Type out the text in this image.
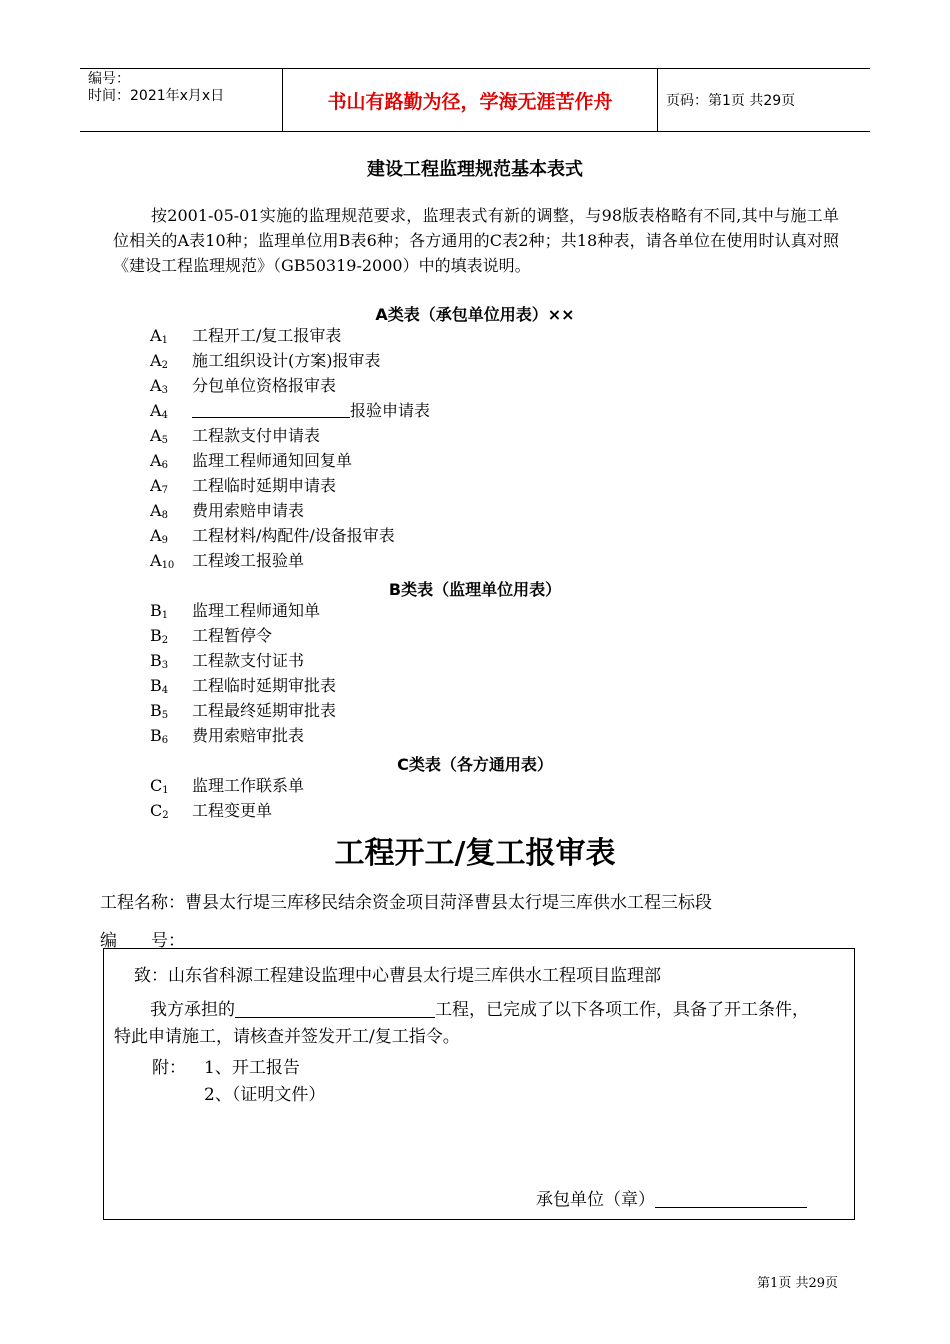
编号：
时间：2021年x月x日	书山有路勤为径，学海无涯苦作舟	页码：第1页 共29页
建设工程监理规范基本表式
按2001-05-01实施的监理规范要求，监理表式有新的调整，与98版表格略有不同,其中与施工单位相关的A表10种；监理单位用B表6种；各方通用的C表2种；共18种表，请各单位在使用时认真对照《建设工程监理规范》（GB50319-2000）中的填表说明。
A类表（承包单位用表）××
$A_1$ 工程开工/复工报审表
$A_2$ 施工组织设计(方案)报审表
$A_3$ 分包单位资格报审表
$A_4$	报验申请表
$A_5$ 工程款支付申请表
$A_6$ 监理工程师通知回复单
$A_7$ 工程临时延期申请表
$A_8$ 费用索赔申请表
$A_9$ 工程材料/构配件/设备报审表
$A_{10}$ 工程竣工报验单
B类表（监理单位用表）
$B_1$ 监理工程师通知单
$B_2$ 工程暂停令
$B_3$ 工程款支付证书
$B_4$ 工程临时延期审批表
$B_5$ 工程最终延期审批表
$B_6$ 费用索赔审批表
C类表（各方通用表）
$C_1$ 监理工作联系单
$C_2$ 工程变更单
工程开工/复工报审表
工程名称：曹县太行堤三库移民结余资金项目菏泽曹县太行堤三库供水工程三标段
编　　号：
致：山东省科源工程建设监理中心曹县太行堤三库供水工程项目监理部
我方承担的	工程，已完成了以下各项工作，具备了开工条件，
特此申请施工，请核查并签发开工/复工指令。
附： 1、开工报告
2、（证明文件）
承包单位（章）
第1页 共29页
